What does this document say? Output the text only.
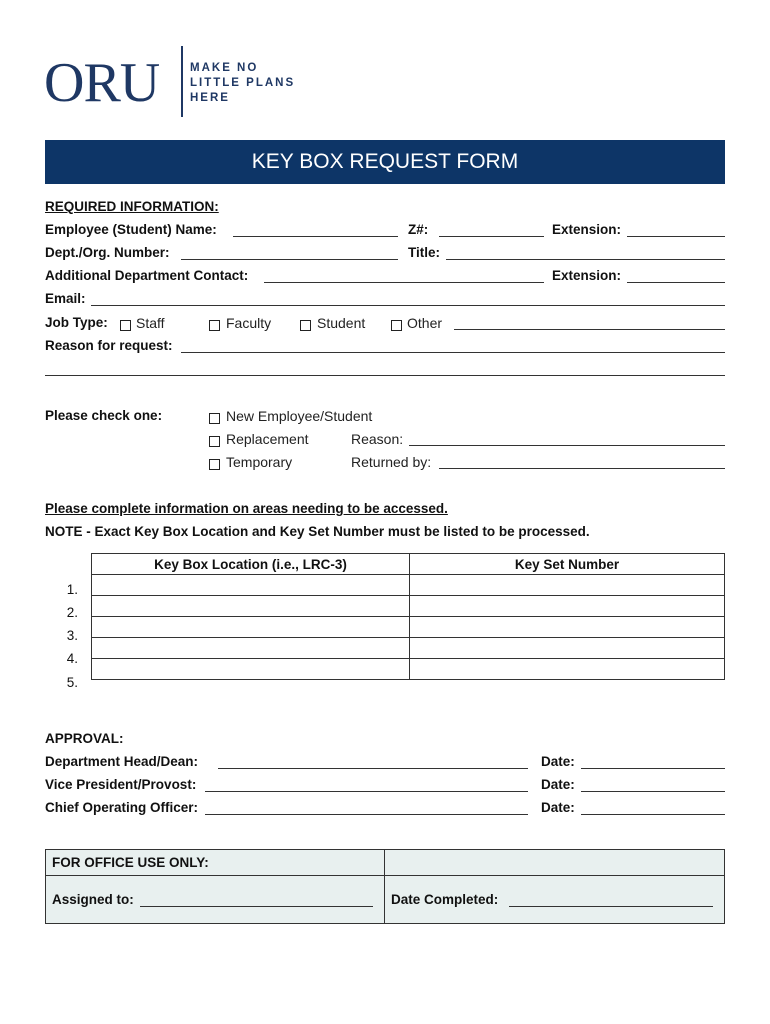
ORU	MAKE NO
LITTLE PLANS
HERE
KEY BOX REQUEST FORM
REQUIRED INFORMATION:
Employee (Student) Name:	Z#:	Extension:
Dept./Org. Number:	Title:
Additional Department Contact:	Extension:
Email:
Job Type: Staff	Faculty	Student	Other
Reason for request:
Please check one:	New Employee/Student
Replacement	Reason:
Temporary	Returned by:
Please complete information on areas needing to be accessed.
NOTE - Exact Key Box Location and Key Set Number must be listed to be processed.
Key Box Location (i.e., LRC-3)	Key Set Number

1.
2.
3.
4.
5.
APPROVAL:
Department Head/Dean:	Date:
Vice President/Provost:	Date:
Chief Operating Officer:	Date:
FOR OFFICE USE ONLY:	
Assigned to:	Date Completed:
